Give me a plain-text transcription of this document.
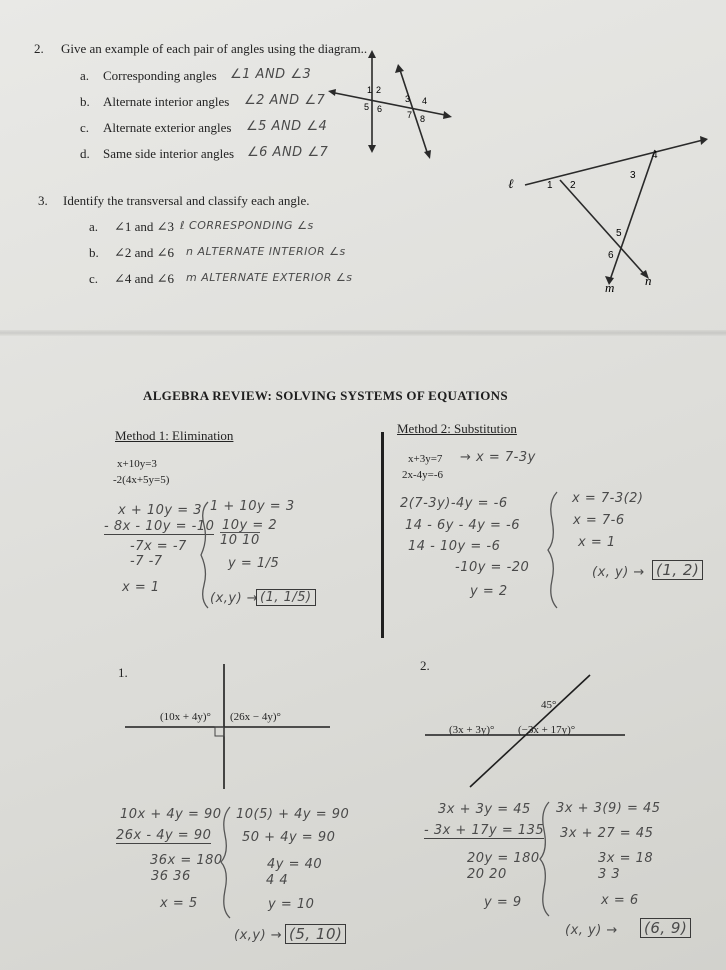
2. Give an example of each pair of angles using the diagram..
a. Corresponding angles ∠1 AND ∠3
b. Alternate interior angles ∠2 AND ∠7
c. Alternate exterior angles ∠5 AND ∠4
d. Same side interior angles ∠6 AND ∠7
1 2
3 4
5 6
7 8
3. Identify the transversal and classify each angle.
a. ∠1 and ∠3 ℓ CORRESPONDING ∠s
b. ∠2 and ∠6 n ALTERNATE INTERIOR ∠s
c. ∠4 and ∠6 m ALTERNATE EXTERIOR ∠s
ℓ
m n
1 2
3
4
5
6
ALGEBRA REVIEW: SOLVING SYSTEMS OF EQUATIONS
Method 1: Elimination
x+10y=3
-2(4x+5y=5)
x + 10y = 3
- 8x - 10y = -10
-7x = -7
-7 -7
x = 1
1 + 10y = 3
10y = 2
10 10
y = 1/5
(x,y) → (1, 1/5)
Method 2: Substitution
x+3y=7 → x = 7-3y
2x-4y=-6
2(7-3y)-4y = -6
14 - 6y - 4y = -6
14 - 10y = -6
-10y = -20
y = 2
x = 7-3(2)
x = 7-6
x = 1
(x, y) → (1, 2)
1.
(10x + 4y)° (26x − 4y)°
10x + 4y = 90
26x - 4y = 90
36x = 180
36 36
x = 5
10(5) + 4y = 90
50 + 4y = 90
4y = 40
4 4
y = 10
(x,y) → (5, 10)
2.
45°
(3x + 3y)° (−3x + 17y)°
3x + 3y = 45
- 3x + 17y = 135
20y = 180
20 20
y = 9
3x + 3(9) = 45
3x + 27 = 45
3x = 18
3 3
x = 6
(x, y) → (6, 9)
